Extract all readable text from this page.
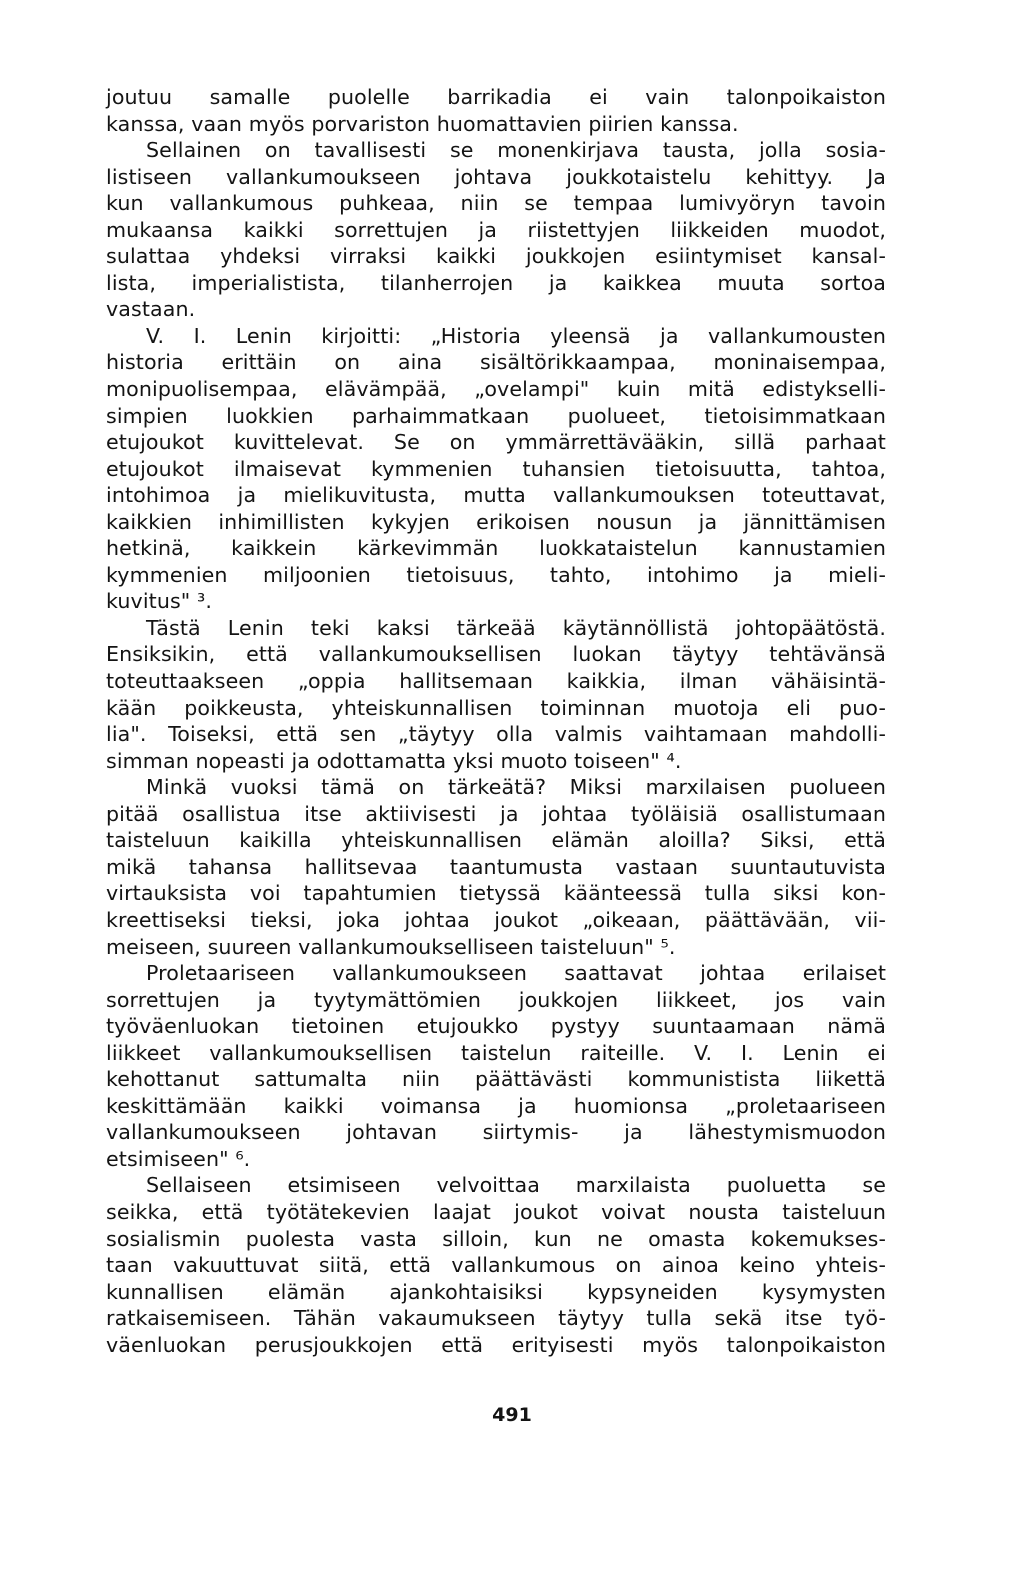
joutuu samalle puolelle barrikadia ei vain talonpoikaiston
kanssa, vaan myös porvariston huomattavien piirien kanssa.
Sellainen on tavallisesti se monenkirjava tausta, jolla sosia-
listiseen vallankumoukseen johtava joukkotaistelu kehittyy. Ja
kun vallankumous puhkeaa, niin se tempaa lumivyöryn tavoin
mukaansa kaikki sorrettujen ja riistettyjen liikkeiden muodot,
sulattaa yhdeksi virraksi kaikki joukkojen esiintymiset kansal-
lista, imperialistista, tilanherrojen ja kaikkea muuta sortoa
vastaan.
V. I. Lenin kirjoitti: „Historia yleensä ja vallankumousten
historia erittäin on aina sisältörikkaampaa, moninaisempaa,
monipuolisempaa, elävämpää, „ovelampi" kuin mitä edistykselli-
simpien luokkien parhaimmatkaan puolueet, tietoisimmatkaan
etujoukot kuvittelevat. Se on ymmärrettävääkin, sillä parhaat
etujoukot ilmaisevat kymmenien tuhansien tietoisuutta, tahtoa,
intohimoa ja mielikuvitusta, mutta vallankumouksen toteuttavat,
kaikkien inhimillisten kykyjen erikoisen nousun ja jännittämisen
hetkinä, kaikkein kärkevimmän luokkataistelun kannustamien
kymmenien miljoonien tietoisuus, tahto, intohimo ja mieli-
kuvitus" ³.
Tästä Lenin teki kaksi tärkeää käytännöllistä johtopäätöstä.
Ensiksikin, että vallankumouksellisen luokan täytyy tehtävänsä
toteuttaakseen „oppia hallitsemaan kaikkia, ilman vähäisintä-
kään poikkeusta, yhteiskunnallisen toiminnan muotoja eli puo-
lia". Toiseksi, että sen „täytyy olla valmis vaihtamaan mahdolli-
simman nopeasti ja odottamatta yksi muoto toiseen" ⁴.
Minkä vuoksi tämä on tärkeätä? Miksi marxilaisen puolueen
pitää osallistua itse aktiivisesti ja johtaa työläisiä osallistumaan
taisteluun kaikilla yhteiskunnallisen elämän aloilla? Siksi, että
mikä tahansa hallitsevaa taantumusta vastaan suuntautuvista
virtauksista voi tapahtumien tietyssä käänteessä tulla siksi kon-
kreettiseksi tieksi, joka johtaa joukot „oikeaan, päättävään, vii-
meiseen, suureen vallankumoukselliseen taisteluun" ⁵.
Proletaariseen vallankumoukseen saattavat johtaa erilaiset
sorrettujen ja tyytymättömien joukkojen liikkeet, jos vain
työväenluokan tietoinen etujoukko pystyy suuntaamaan nämä
liikkeet vallankumouksellisen taistelun raiteille. V. I. Lenin ei
kehottanut sattumalta niin päättävästi kommunistista liikettä
keskittämään kaikki voimansa ja huomionsa „proletaariseen
vallankumoukseen johtavan siirtymis- ja lähestymismuodon
etsimiseen" ⁶.
Sellaiseen etsimiseen velvoittaa marxilaista puoluetta se
seikka, että työtätekevien laajat joukot voivat nousta taisteluun
sosialismin puolesta vasta silloin, kun ne omasta kokemukses-
taan vakuuttuvat siitä, että vallankumous on ainoa keino yhteis-
kunnallisen elämän ajankohtaisiksi kypsyneiden kysymysten
ratkaisemiseen. Tähän vakaumukseen täytyy tulla sekä itse työ-
väenluokan perusjoukkojen että erityisesti myös talonpoikaiston
491
